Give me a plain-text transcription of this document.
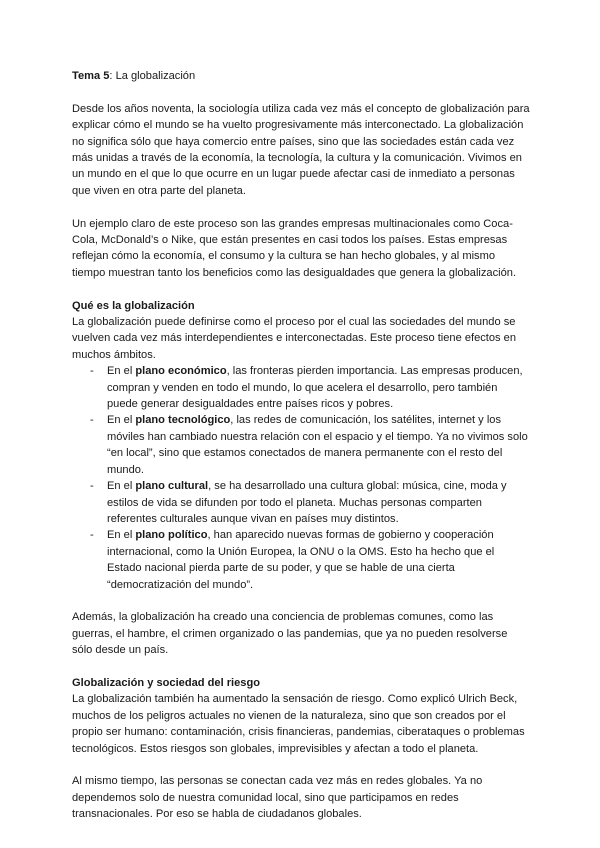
Tema 5: La globalización

Desde los años noventa, la sociología utiliza cada vez más el concepto de globalización para explicar cómo el mundo se ha vuelto progresivamente más interconectado. La globalización no significa sólo que haya comercio entre países, sino que las sociedades están cada vez más unidas a través de la economía, la tecnología, la cultura y la comunicación. Vivimos en un mundo en el que lo que ocurre en un lugar puede afectar casi de inmediato a personas que viven en otra parte del planeta.

Un ejemplo claro de este proceso son las grandes empresas multinacionales como Coca-Cola, McDonald’s o Nike, que están presentes en casi todos los países. Estas empresas reflejan cómo la economía, el consumo y la cultura se han hecho globales, y al mismo tiempo muestran tanto los beneficios como las desigualdades que genera la globalización.

Qué es la globalización

La globalización puede definirse como el proceso por el cual las sociedades del mundo se vuelven cada vez más interdependientes e interconectadas. Este proceso tiene efectos en muchos ámbitos.

- En el plano económico, las fronteras pierden importancia. Las empresas producen, compran y venden en todo el mundo, lo que acelera el desarrollo, pero también puede generar desigualdades entre países ricos y pobres.
- En el plano tecnológico, las redes de comunicación, los satélites, internet y los móviles han cambiado nuestra relación con el espacio y el tiempo. Ya no vivimos solo “en local”, sino que estamos conectados de manera permanente con el resto del mundo.
- En el plano cultural, se ha desarrollado una cultura global: música, cine, moda y estilos de vida se difunden por todo el planeta. Muchas personas comparten referentes culturales aunque vivan en países muy distintos.
- En el plano político, han aparecido nuevas formas de gobierno y cooperación internacional, como la Unión Europea, la ONU o la OMS. Esto ha hecho que el Estado nacional pierda parte de su poder, y que se hable de una cierta “democratización del mundo”.

Además, la globalización ha creado una conciencia de problemas comunes, como las guerras, el hambre, el crimen organizado o las pandemias, que ya no pueden resolverse sólo desde un país.

Globalización y sociedad del riesgo

La globalización también ha aumentado la sensación de riesgo. Como explicó Ulrich Beck, muchos de los peligros actuales no vienen de la naturaleza, sino que son creados por el propio ser humano: contaminación, crisis financieras, pandemias, ciberataques o problemas tecnológicos. Estos riesgos son globales, imprevisibles y afectan a todo el planeta.

Al mismo tiempo, las personas se conectan cada vez más en redes globales. Ya no dependemos solo de nuestra comunidad local, sino que participamos en redes transnacionales. Por eso se habla de ciudadanos globales.
